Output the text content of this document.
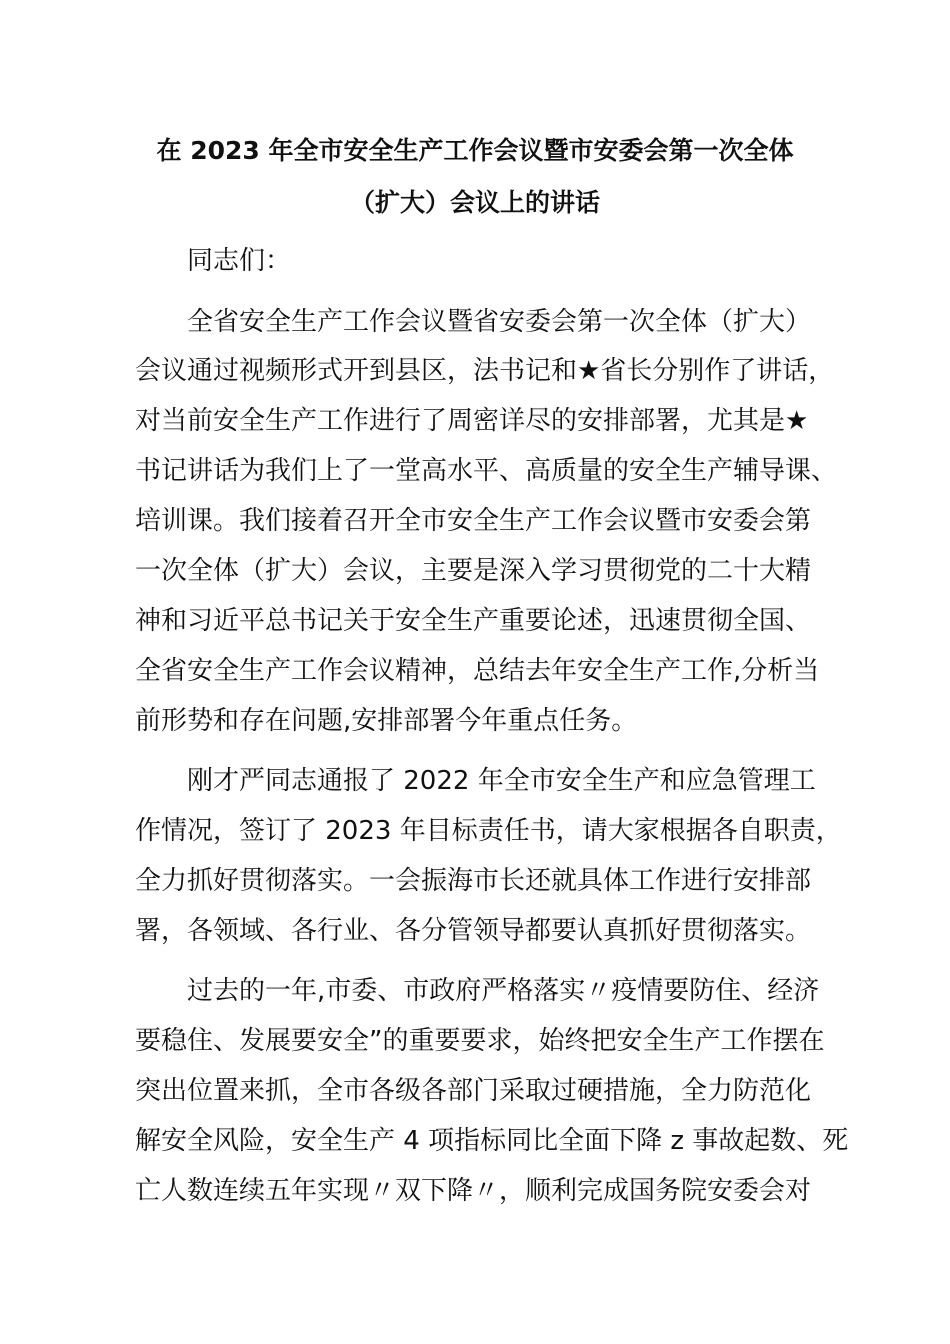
在 2023 年全市安全生产工作会议暨市安委会第一次全体
（扩大）会议上的讲话
同志们：
全省安全生产工作会议暨省安委会第一次全体（扩大）
会议通过视频形式开到县区，法书记和★省长分别作了讲话，
对当前安全生产工作进行了周密详尽的安排部署，尤其是★
书记讲话为我们上了一堂高水平、高质量的安全生产辅导课、
培训课。我们接着召开全市安全生产工作会议暨市安委会第
一次全体（扩大）会议，主要是深入学习贯彻党的二十大精
神和习近平总书记关于安全生产重要论述，迅速贯彻全国、
全省安全生产工作会议精神，总结去年安全生产工作,分析当
前形势和存在问题,安排部署今年重点任务。
刚才严同志通报了 2022 年全市安全生产和应急管理工
作情况，签订了 2023 年目标责任书，请大家根据各自职责，
全力抓好贯彻落实。一会振海市长还就具体工作进行安排部
署，各领域、各行业、各分管领导都要认真抓好贯彻落实。
过去的一年,市委、市政府严格落实〃疫情要防住、经济
要稳住、发展要安全”的重要要求，始终把安全生产工作摆在
突出位置来抓，全市各级各部门采取过硬措施，全力防范化
解安全风险，安全生产 4 项指标同比全面下降 z 事故起数、死
亡人数连续五年实现〃双下降〃，顺利完成国务院安委会对
